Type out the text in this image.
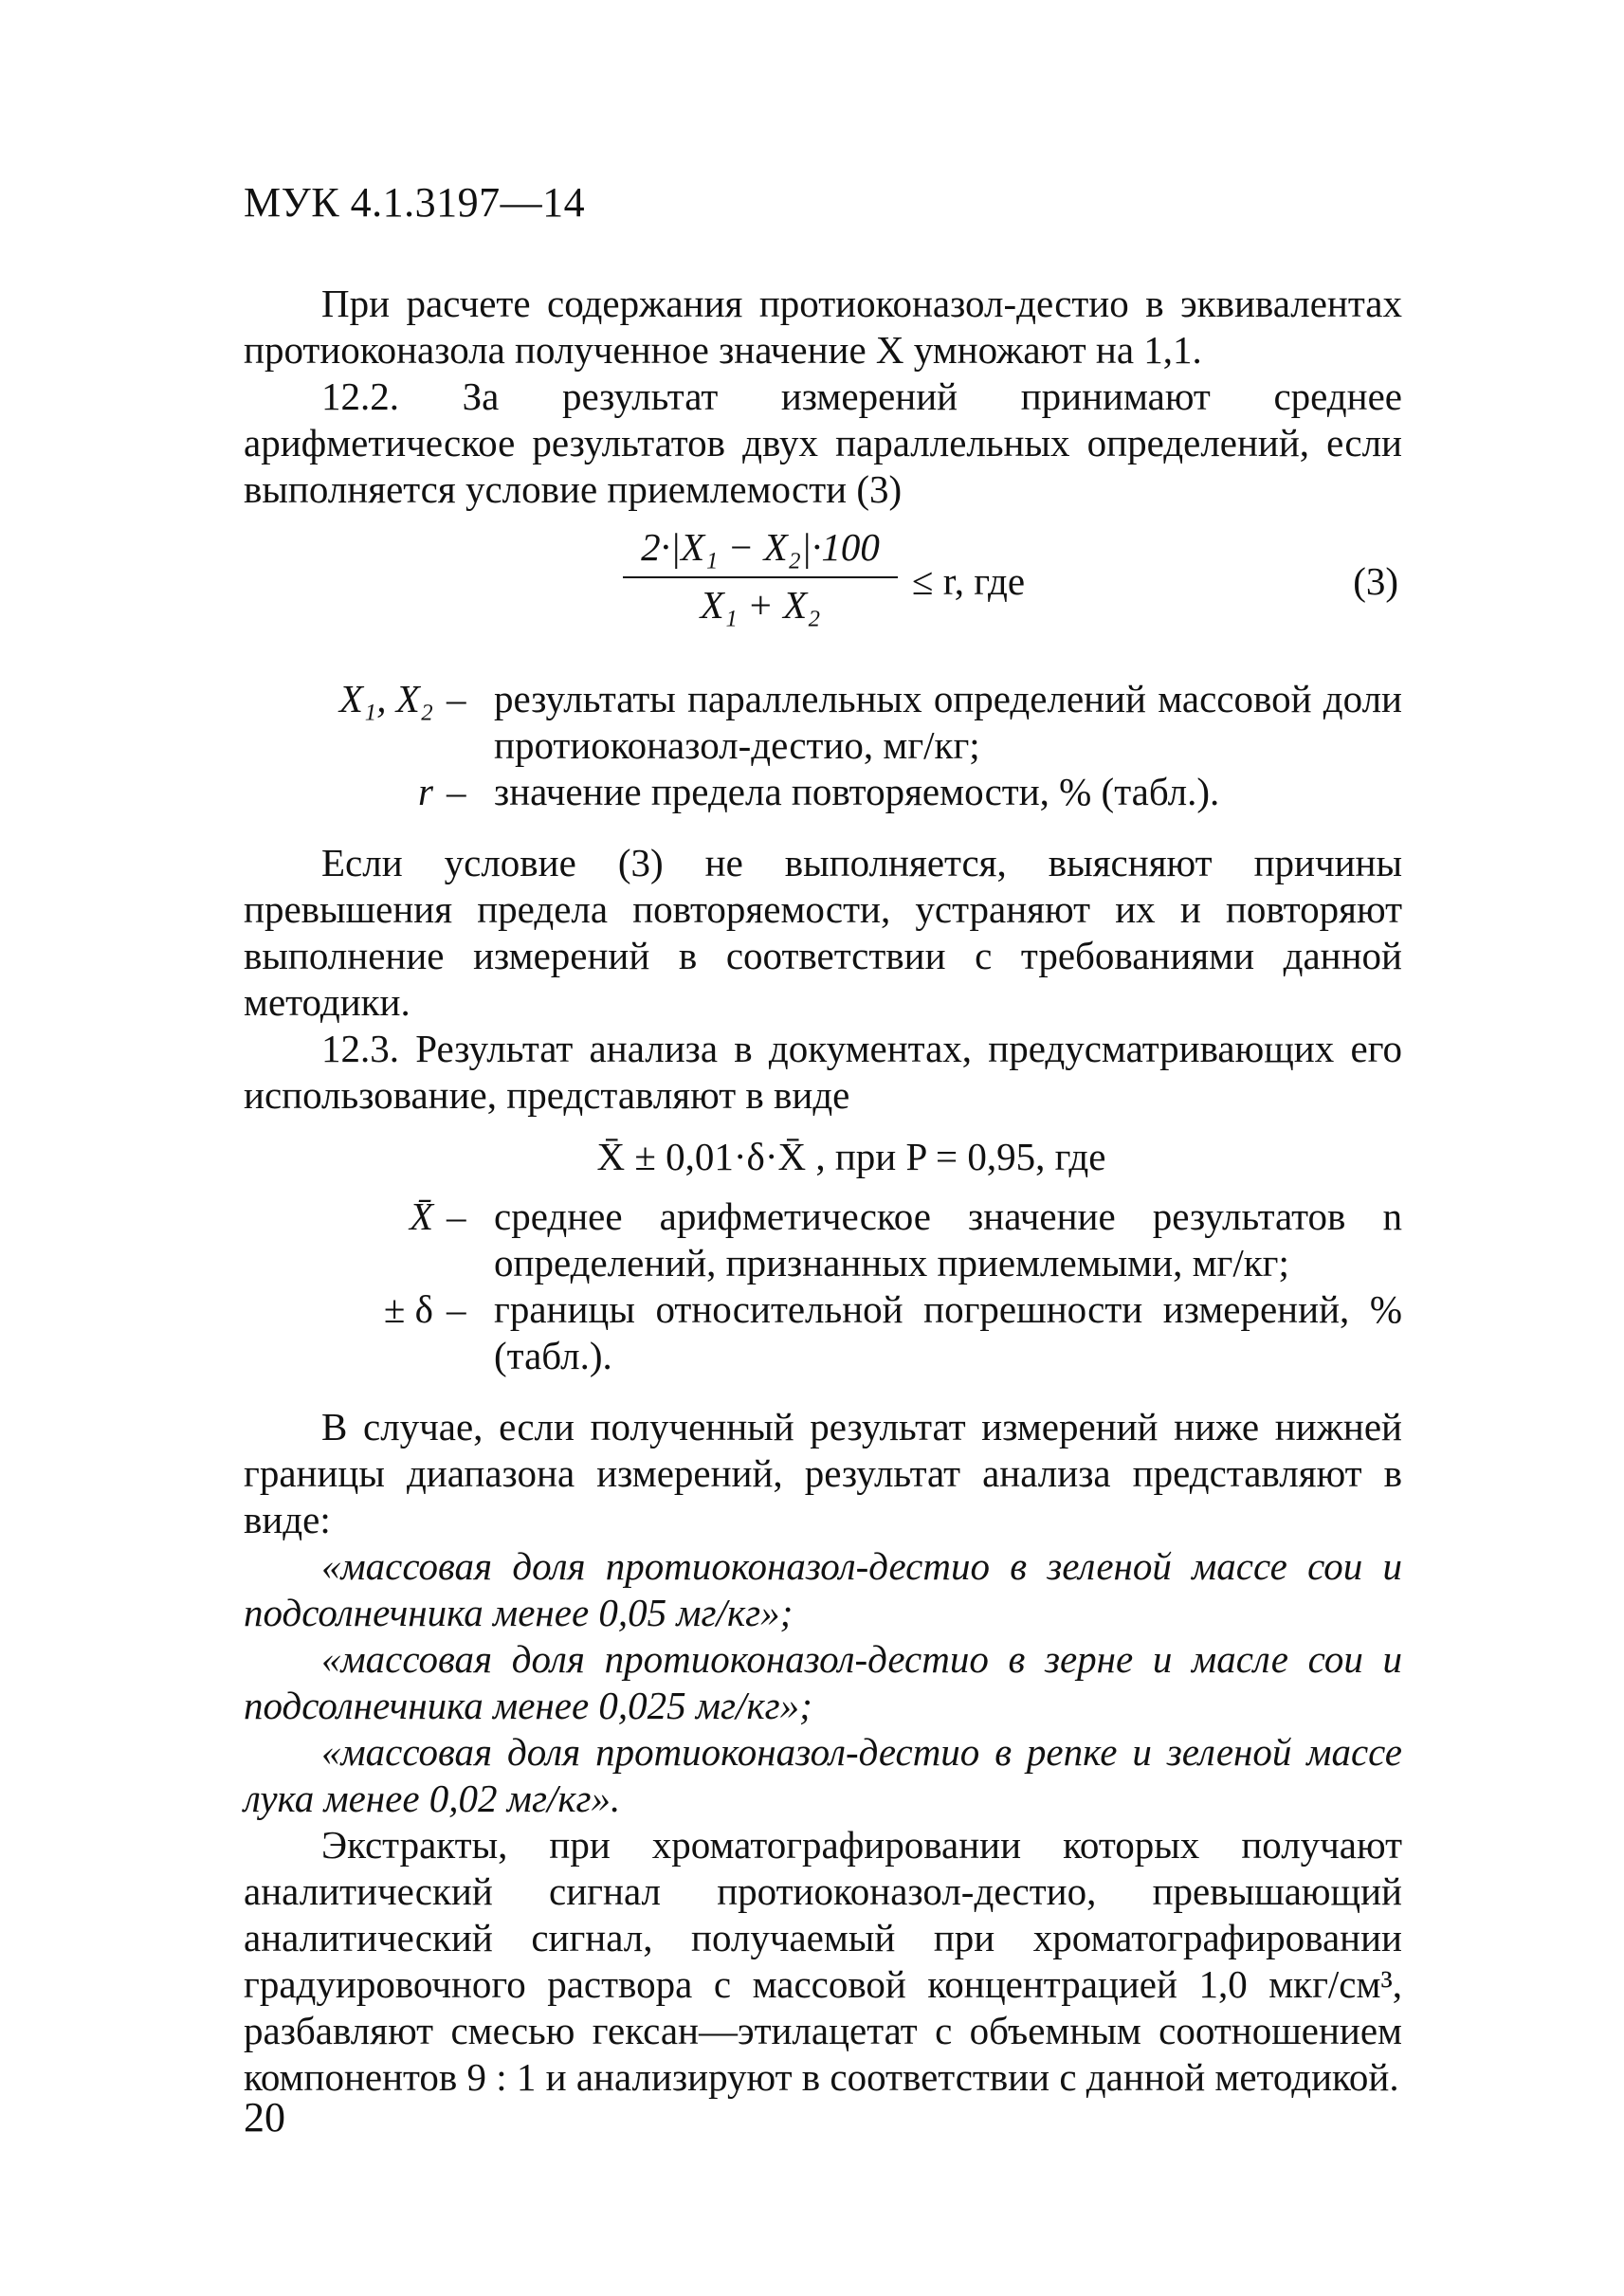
МУК 4.1.3197—14

При расчете содержания протиоконазол-дестио в эквивалентах протиоконазола полученное значение X умножают на 1,1.

12.2. За результат измерений принимают среднее арифметическое результатов двух параллельных определений, если выполняется условие приемлемости (3)

2·|X₁ − X₂|·100
X₁ + X₂
≤ r, где	(3)
X₁, X₂ – результаты параллельных определений массовой доли протиоконазол-дестио, мг/кг;
r – значение предела повторяемости, % (табл.).

Если условие (3) не выполняется, выясняют причины превышения предела повторяемости, устраняют их и повторяют выполнение измерений в соответствии с требованиями данной методики.

12.3. Результат анализа в документах, предусматривающих его использование, представляют в виде

X̄ ± 0,01·δ·X̄ , при P = 0,95, где
X̄ – среднее арифметическое значение результатов n определений, признанных приемлемыми, мг/кг;
± δ – границы относительной погрешности измерений, % (табл.).

В случае, если полученный результат измерений ниже нижней границы диапазона измерений, результат анализа представляют в виде:

«массовая доля протиоконазол-дестио в зеленой массе сои и подсолнечника менее 0,05 мг/кг»;

«массовая доля протиоконазол-дестио в зерне и масле сои и подсолнечника менее 0,025 мг/кг»;

«массовая доля протиоконазол-дестио в репке и зеленой массе лука менее 0,02 мг/кг».

Экстракты, при хроматографировании которых получают аналитический сигнал протиоконазол-дестио, превышающий аналитический сигнал, получаемый при хроматографировании градуировочного раствора с массовой концентрацией 1,0 мкг/см³, разбавляют смесью гексан—этилацетат с объемным соотношением компонентов 9 : 1 и анализируют в соответствии с данной методикой.

20
